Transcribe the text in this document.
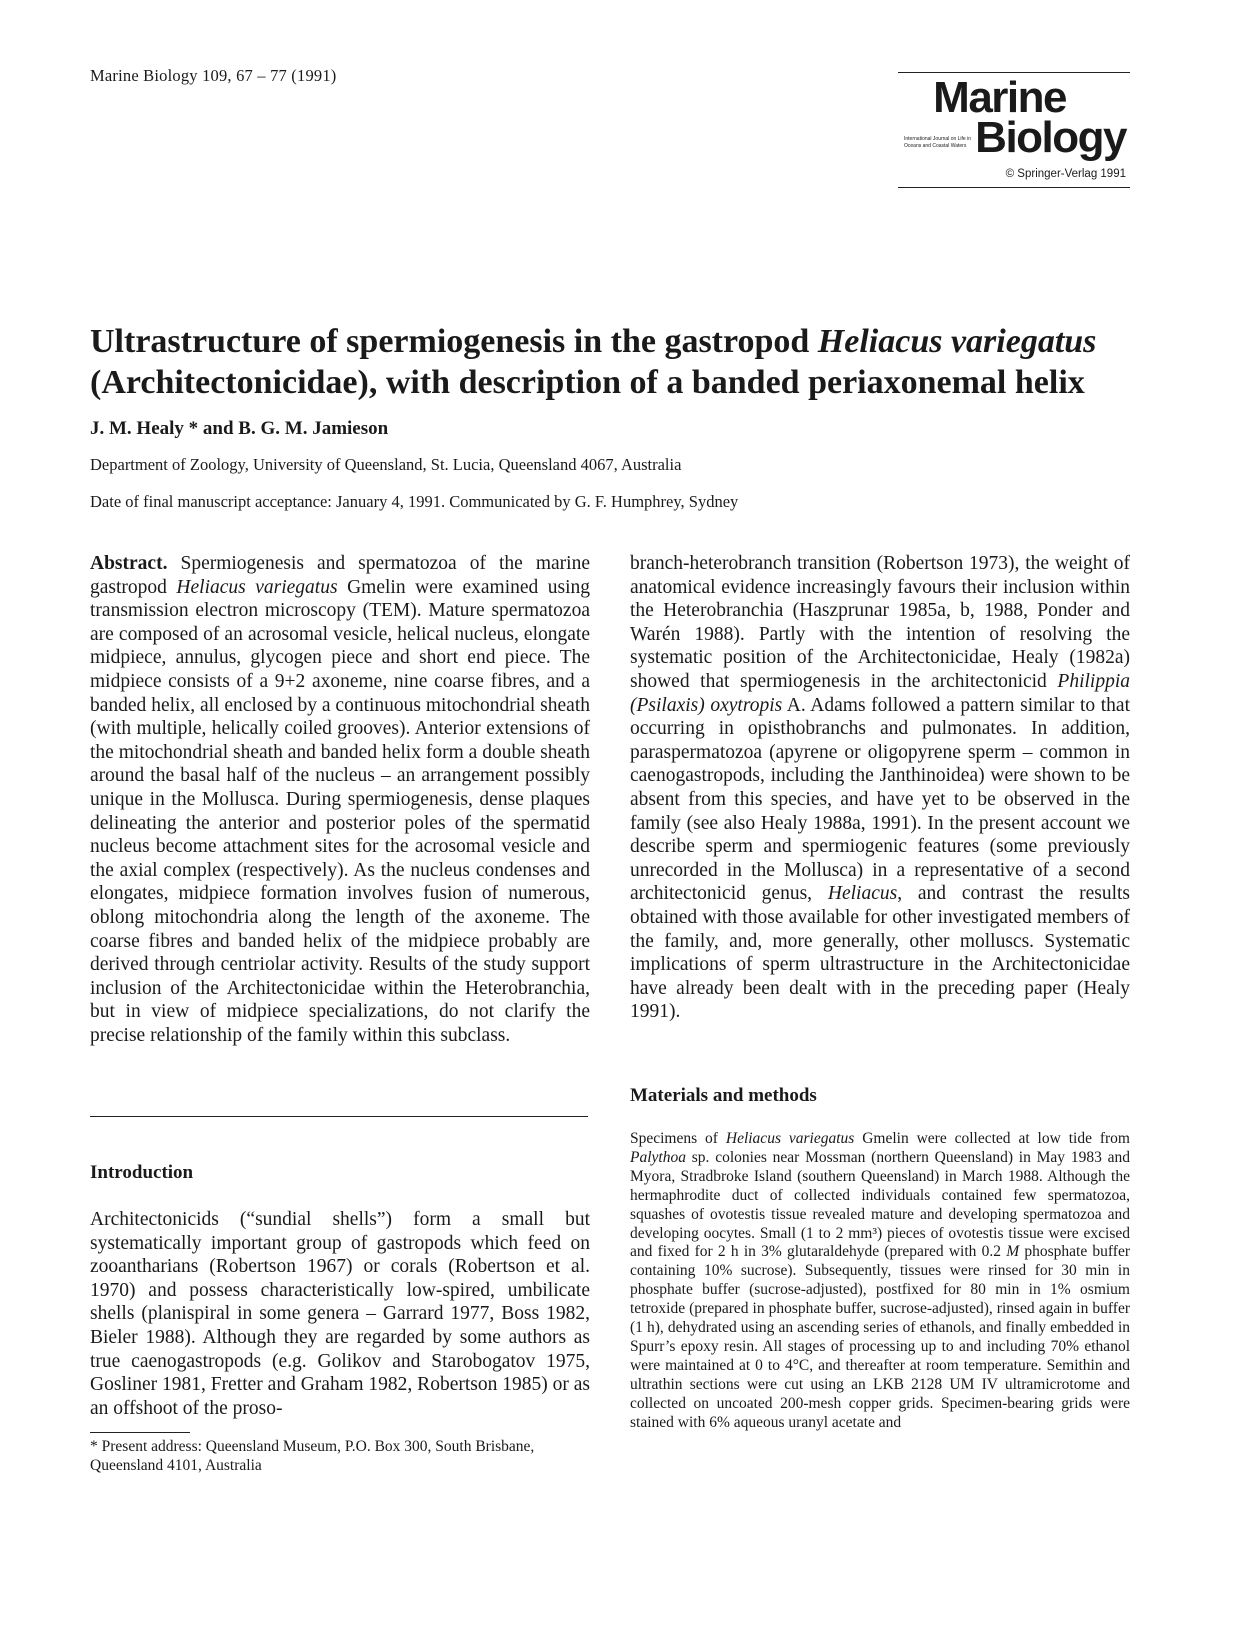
Marine Biology 109, 67 – 77 (1991)	Marine
International Journal on Life in Oceans and Coastal Waters Biology
© Springer-Verlag 1991
Ultrastructure of spermiogenesis in the gastropod Heliacus variegatus
(Architectonicidae), with description of a banded periaxonemal helix
J. M. Healy * and B. G. M. Jamieson
Department of Zoology, University of Queensland, St. Lucia, Queensland 4067, Australia
Date of final manuscript acceptance: January 4, 1991. Communicated by G. F. Humphrey, Sydney

Abstract. Spermiogenesis and spermatozoa of the marine gastropod Heliacus variegatus Gmelin were examined using transmission electron microscopy (TEM). Mature spermatozoa are composed of an acrosomal vesicle, helical nucleus, elongate midpiece, annulus, glycogen piece and short end piece. The midpiece consists of a 9+2 axoneme, nine coarse fibres, and a banded helix, all enclosed by a continuous mitochondrial sheath (with multiple, helically coiled grooves). Anterior extensions of the mitochondrial sheath and banded helix form a double sheath around the basal half of the nucleus – an arrangement possibly unique in the Mollusca. During spermiogenesis, dense plaques delineating the anterior and posterior poles of the spermatid nucleus become attachment sites for the acrosomal vesicle and the axial complex (respectively). As the nucleus condenses and elongates, midpiece formation involves fusion of numerous, oblong mitochondria along the length of the axoneme. The coarse fibres and banded helix of the midpiece probably are derived through centriolar activity. Results of the study support inclusion of the Architectonicidae within the Heterobranchia, but in view of midpiece specializations, do not clarify the precise relationship of the family within this subclass.

Introduction

Architectonicids (“sundial shells”) form a small but systematically important group of gastropods which feed on zooantharians (Robertson 1967) or corals (Robertson et al. 1970) and possess characteristically low-spired, umbilicate shells (planispiral in some genera – Garrard 1977, Boss 1982, Bieler 1988). Although they are regarded by some authors as true caenogastropods (e.g. Golikov and Starobogatov 1975, Gosliner 1981, Fretter and Graham 1982, Robertson 1985) or as an offshoot of the proso-

* Present address: Queensland Museum, P.O. Box 300, South Brisbane, Queensland 4101, Australia

branch-heterobranch transition (Robertson 1973), the weight of anatomical evidence increasingly favours their inclusion within the Heterobranchia (Haszprunar 1985a, b, 1988, Ponder and Warén 1988). Partly with the intention of resolving the systematic position of the Architectonicidae, Healy (1982a) showed that spermiogenesis in the architectonicid Philippia (Psilaxis) oxytropis A. Adams followed a pattern similar to that occurring in opisthobranchs and pulmonates. In addition, paraspermatozoa (apyrene or oligopyrene sperm – common in caenogastropods, including the Janthinoidea) were shown to be absent from this species, and have yet to be observed in the family (see also Healy 1988a, 1991). In the present account we describe sperm and spermiogenic features (some previously unrecorded in the Mollusca) in a representative of a second architectonicid genus, Heliacus, and contrast the results obtained with those available for other investigated members of the family, and, more generally, other molluscs. Systematic implications of sperm ultrastructure in the Architectonicidae have already been dealt with in the preceding paper (Healy 1991).

Materials and methods

Specimens of Heliacus variegatus Gmelin were collected at low tide from Palythoa sp. colonies near Mossman (northern Queensland) in May 1983 and Myora, Stradbroke Island (southern Queensland) in March 1988. Although the hermaphrodite duct of collected individuals contained few spermatozoa, squashes of ovotestis tissue revealed mature and developing spermatozoa and developing oocytes. Small (1 to 2 mm³) pieces of ovotestis tissue were excised and fixed for 2 h in 3% glutaraldehyde (prepared with 0.2 M phosphate buffer containing 10% sucrose). Subsequently, tissues were rinsed for 30 min in phosphate buffer (sucrose-adjusted), postfixed for 80 min in 1% osmium tetroxide (prepared in phosphate buffer, sucrose-adjusted), rinsed again in buffer (1 h), dehydrated using an ascending series of ethanols, and finally embedded in Spurr’s epoxy resin. All stages of processing up to and including 70% ethanol were maintained at 0 to 4°C, and thereafter at room temperature. Semithin and ultrathin sections were cut using an LKB 2128 UM IV ultramicrotome and collected on uncoated 200-mesh copper grids. Specimen-bearing grids were stained with 6% aqueous uranyl acetate and
